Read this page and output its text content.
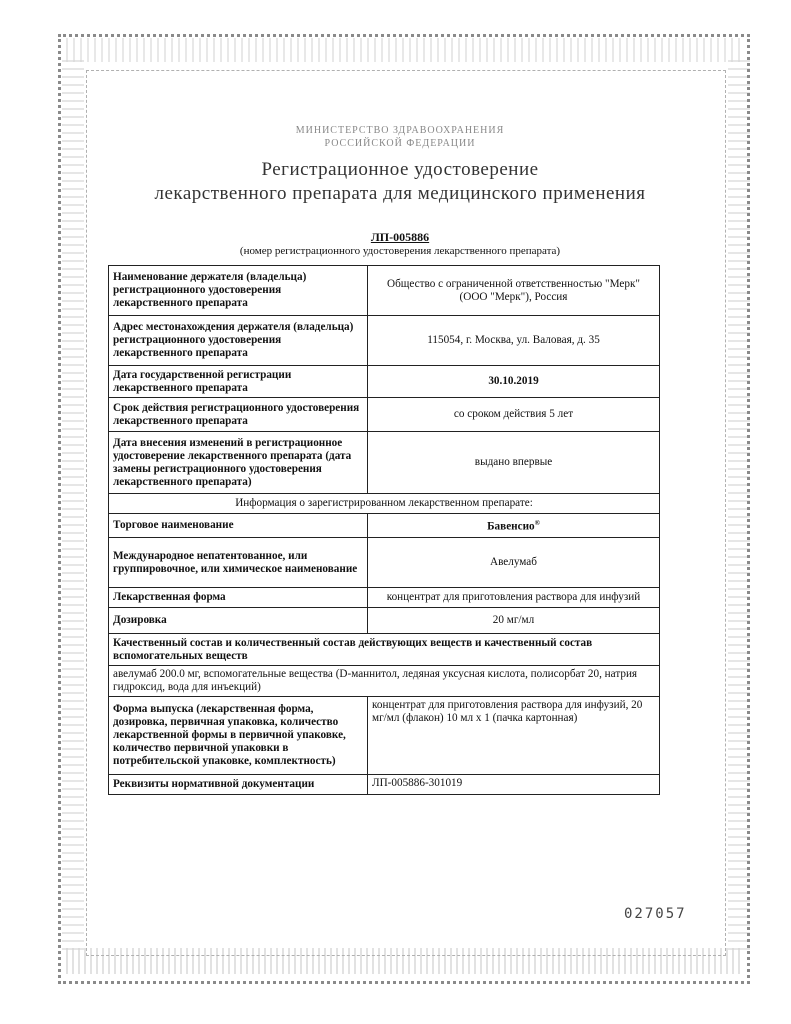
МИНИСТЕРСТВО ЗДРАВООХРАНЕНИЯ
РОССИЙСКОЙ ФЕДЕРАЦИИ
Регистрационное удостоверение
лекарственного препарата для медицинского применения
ЛП-005886
(номер регистрационного удостоверения лекарственного препарата)
Наименование держателя (владельца) регистрационного удостоверения лекарственного препарата	Общество с ограниченной ответственностью "Мерк"
(ООО "Мерк"), Россия

Адрес местонахождения держателя (владельца) регистрационного удостоверения лекарственного препарата	115054, г. Москва, ул. Валовая, д. 35
Дата государственной регистрации лекарственного препарата	30.10.2019
Срок действия регистрационного удостоверения лекарственного препарата	со сроком действия 5 лет
Дата внесения изменений в регистрационное удостоверение лекарственного препарата (дата замены регистрационного удостоверения лекарственного препарата)	выдано впервые
Информация о зарегистрированном лекарственном препарате:	
Торговое наименование	Бавенсио®
Международное непатентованное, или группировочное, или химическое наименование	Авелумаб
Лекарственная форма	концентрат для приготовления раствора для инфузий
Дозировка	20 мг/мл
Качественный состав и количественный состав действующих веществ и качественный состав вспомогательных веществ	
авелумаб 200.0 мг, вспомогательные вещества (D-маннитол, ледяная уксусная кислота, полисорбат 20, натрия гидроксид, вода для инъекций)	
Форма выпуска (лекарственная форма, дозировка, первичная упаковка, количество лекарственной формы в первичной упаковке, количество первичной упаковки в потребительской упаковке, комплектность)	концентрат для приготовления раствора для инфузий, 20 мг/мл (флакон) 10 мл х 1 (пачка картонная)
Реквизиты нормативной документации	ЛП-005886-301019
027057
